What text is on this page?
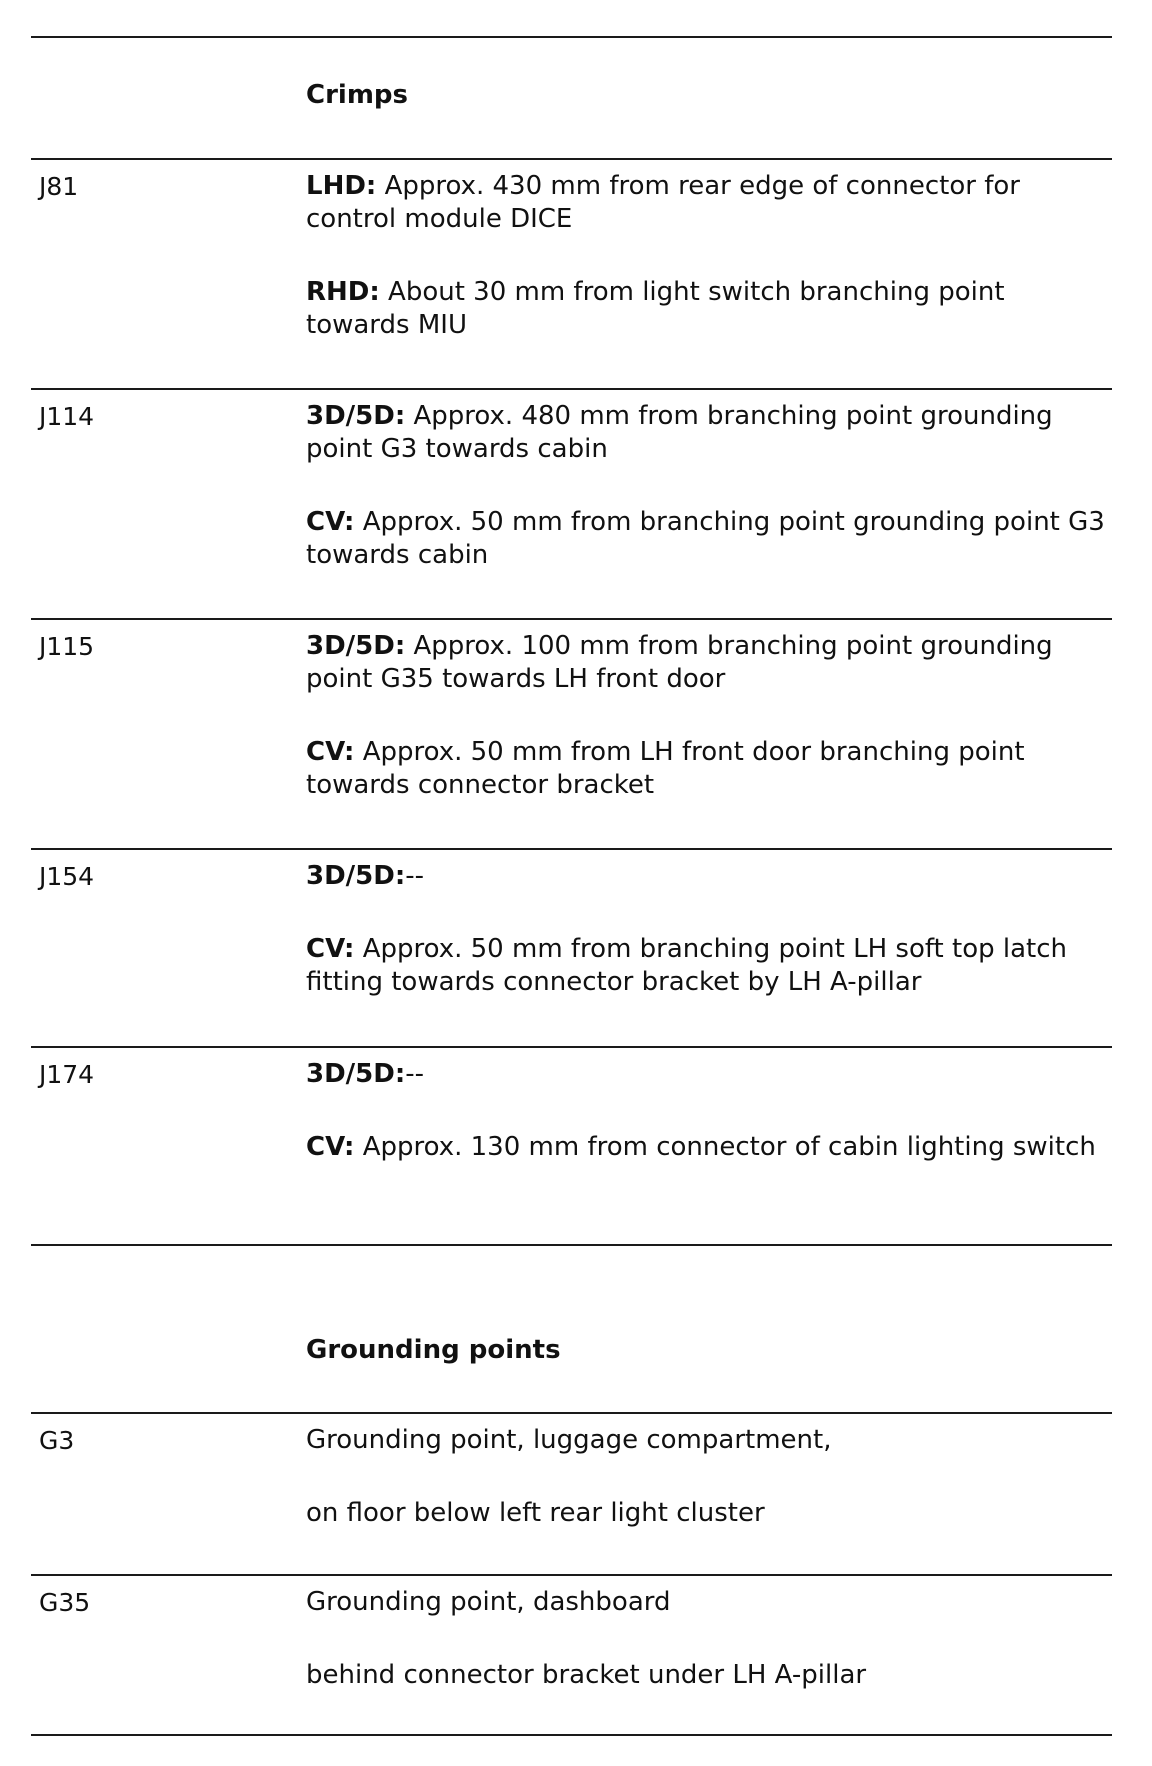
Crimps
J81	LHD: Approx. 430 mm from rear edge of connector for control module DICE

RHD: About 30 mm from light switch branching point towards MIU

J114	3D/5D: Approx. 480 mm from branching point grounding point G3 towards cabin

CV: Approx. 50 mm from branching point grounding point G3 towards cabin

J115	3D/5D: Approx. 100 mm from branching point grounding point G35 towards LH front door

CV: Approx. 50 mm from LH front door branching point towards connector bracket

J154	3D/5D:--

CV: Approx. 50 mm from branching point LH soft top latch fitting towards connector bracket by LH A-pillar

J174	3D/5D:--

CV: Approx. 130 mm from connector of cabin lighting switch

Grounding points
G3	Grounding point, luggage compartment,

on floor below left rear light cluster

G35	Grounding point, dashboard

behind connector bracket under LH A-pillar
